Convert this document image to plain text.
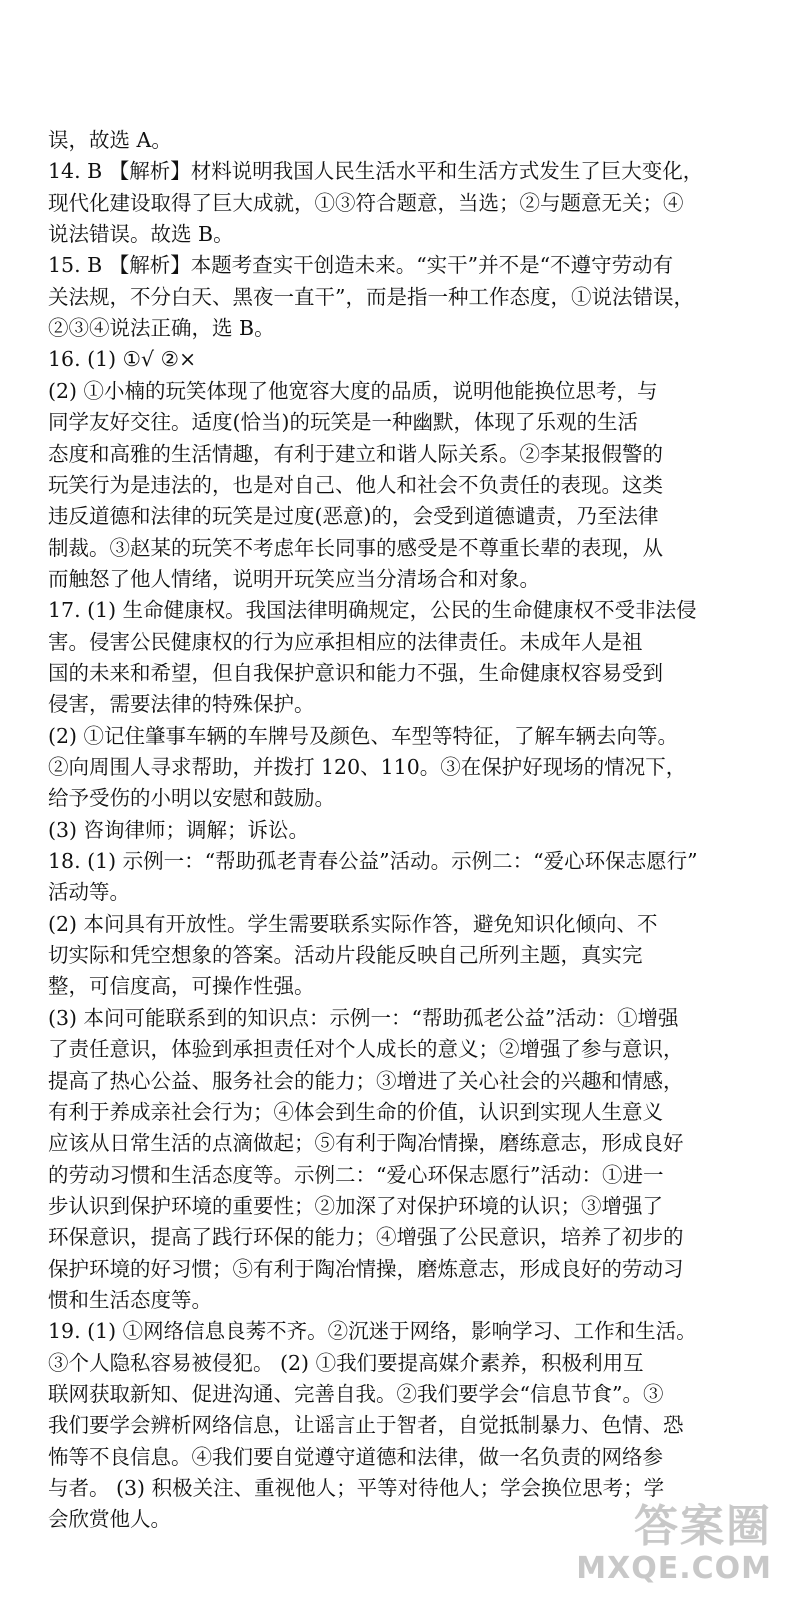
误，故选 A。
14. B 【解析】材料说明我国人民生活水平和生活方式发生了巨大变化，
现代化建设取得了巨大成就，①③符合题意，当选；②与题意无关；④
说法错误。故选 B。
15. B 【解析】本题考查实干创造未来。“实干”并不是“不遵守劳动有
关法规，不分白天、黑夜一直干”，而是指一种工作态度，①说法错误，
②③④说法正确，选 B。
16. (1) ①√ ②×
(2) ①小楠的玩笑体现了他宽容大度的品质，说明他能换位思考，与
同学友好交往。适度(恰当)的玩笑是一种幽默，体现了乐观的生活
态度和高雅的生活情趣，有利于建立和谐人际关系。②李某报假警的
玩笑行为是违法的，也是对自己、他人和社会不负责任的表现。这类
违反道德和法律的玩笑是过度(恶意)的，会受到道德谴责，乃至法律
制裁。③赵某的玩笑不考虑年长同事的感受是不尊重长辈的表现，从
而触怒了他人情绪，说明开玩笑应当分清场合和对象。
17. (1) 生命健康权。我国法律明确规定，公民的生命健康权不受非法侵
害。侵害公民健康权的行为应承担相应的法律责任。未成年人是祖
国的未来和希望，但自我保护意识和能力不强，生命健康权容易受到
侵害，需要法律的特殊保护。
(2) ①记住肇事车辆的车牌号及颜色、车型等特征，了解车辆去向等。
②向周围人寻求帮助，并拨打 120、110。③在保护好现场的情况下，
给予受伤的小明以安慰和鼓励。
(3) 咨询律师；调解；诉讼。
18. (1) 示例一：“帮助孤老青春公益”活动。示例二：“爱心环保志愿行”
活动等。
(2) 本问具有开放性。学生需要联系实际作答，避免知识化倾向、不
切实际和凭空想象的答案。活动片段能反映自己所列主题，真实完
整，可信度高，可操作性强。
(3) 本问可能联系到的知识点：示例一：“帮助孤老公益”活动：①增强
了责任意识，体验到承担责任对个人成长的意义；②增强了参与意识，
提高了热心公益、服务社会的能力；③增进了关心社会的兴趣和情感，
有利于养成亲社会行为；④体会到生命的价值，认识到实现人生意义
应该从日常生活的点滴做起；⑤有利于陶冶情操，磨练意志，形成良好
的劳动习惯和生活态度等。示例二：“爱心环保志愿行”活动：①进一
步认识到保护环境的重要性；②加深了对保护环境的认识；③增强了
环保意识，提高了践行环保的能力；④增强了公民意识，培养了初步的
保护环境的好习惯；⑤有利于陶冶情操，磨炼意志，形成良好的劳动习
惯和生活态度等。
19. (1) ①网络信息良莠不齐。②沉迷于网络，影响学习、工作和生活。
③个人隐私容易被侵犯。 (2) ①我们要提高媒介素养，积极利用互
联网获取新知、促进沟通、完善自我。②我们要学会“信息节食”。③
我们要学会辨析网络信息，让谣言止于智者，自觉抵制暴力、色情、恐
怖等不良信息。④我们要自觉遵守道德和法律，做一名负责的网络参
与者。 (3) 积极关注、重视他人；平等对待他人；学会换位思考；学
会欣赏他人。	答案圈
MXQE.COM
